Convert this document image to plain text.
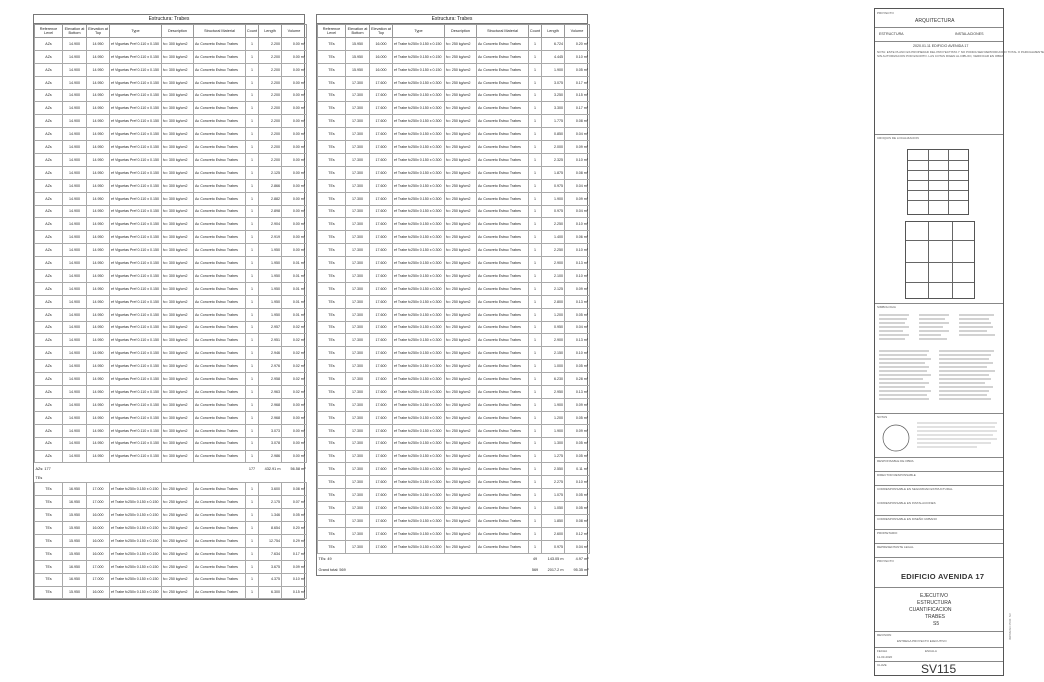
Estructura: Trabes
Reference Level	Elevation at Bottom	Elevation at Top	Type	Description	Structural Material	Count	Length	Volume
AZs	14.900	14.950	ef Viguetas Pref 0.110 x 0.150	fc= 300 kg/cm2	Ac Concreto Estruc Trabes	1	2.200	0.00 m³
AZs	14.900	14.950	ef Viguetas Pref 0.110 x 0.150	fc= 300 kg/cm2	Ac Concreto Estruc Trabes	1	2.200	0.00 m³
AZs	14.900	14.950	ef Viguetas Pref 0.110 x 0.150	fc= 300 kg/cm2	Ac Concreto Estruc Trabes	1	2.200	0.00 m³
AZs	14.900	14.950	ef Viguetas Pref 0.110 x 0.150	fc= 300 kg/cm2	Ac Concreto Estruc Trabes	1	2.200	0.00 m³
AZs	14.900	14.950	ef Viguetas Pref 0.110 x 0.150	fc= 300 kg/cm2	Ac Concreto Estruc Trabes	1	2.200	0.00 m³
AZs	14.900	14.950	ef Viguetas Pref 0.110 x 0.150	fc= 300 kg/cm2	Ac Concreto Estruc Trabes	1	2.200	0.00 m³
AZs	14.900	14.950	ef Viguetas Pref 0.110 x 0.150	fc= 300 kg/cm2	Ac Concreto Estruc Trabes	1	2.200	0.00 m³
AZs	14.900	14.950	ef Viguetas Pref 0.110 x 0.150	fc= 300 kg/cm2	Ac Concreto Estruc Trabes	1	2.200	0.00 m³
AZs	14.900	14.950	ef Viguetas Pref 0.110 x 0.150	fc= 300 kg/cm2	Ac Concreto Estruc Trabes	1	2.200	0.00 m³
AZs	14.900	14.950	ef Viguetas Pref 0.110 x 0.150	fc= 300 kg/cm2	Ac Concreto Estruc Trabes	1	2.200	0.00 m³
AZs	14.900	14.950	ef Viguetas Pref 0.110 x 0.150	fc= 300 kg/cm2	Ac Concreto Estruc Trabes	1	2.125	0.00 m³
AZs	14.900	14.950	ef Viguetas Pref 0.110 x 0.150	fc= 300 kg/cm2	Ac Concreto Estruc Trabes	1	2.866	0.00 m³
AZs	14.900	14.950	ef Viguetas Pref 0.110 x 0.150	fc= 300 kg/cm2	Ac Concreto Estruc Trabes	1	2.882	0.00 m³
AZs	14.900	14.950	ef Viguetas Pref 0.110 x 0.150	fc= 300 kg/cm2	Ac Concreto Estruc Trabes	1	2.898	0.00 m³
AZs	14.900	14.950	ef Viguetas Pref 0.110 x 0.150	fc= 300 kg/cm2	Ac Concreto Estruc Trabes	1	2.904	0.00 m³
AZs	14.900	14.950	ef Viguetas Pref 0.110 x 0.150	fc= 300 kg/cm2	Ac Concreto Estruc Trabes	1	2.919	0.00 m³
AZs	14.900	14.950	ef Viguetas Pref 0.110 x 0.150	fc= 300 kg/cm2	Ac Concreto Estruc Trabes	1	1.950	0.00 m³
AZs	14.900	14.950	ef Viguetas Pref 0.110 x 0.150	fc= 300 kg/cm2	Ac Concreto Estruc Trabes	1	1.950	0.01 m³
AZs	14.900	14.950	ef Viguetas Pref 0.110 x 0.150	fc= 300 kg/cm2	Ac Concreto Estruc Trabes	1	1.950	0.01 m³
AZs	14.900	14.950	ef Viguetas Pref 0.110 x 0.150	fc= 300 kg/cm2	Ac Concreto Estruc Trabes	1	1.950	0.01 m³
AZs	14.900	14.950	ef Viguetas Pref 0.110 x 0.150	fc= 300 kg/cm2	Ac Concreto Estruc Trabes	1	1.950	0.01 m³
AZs	14.900	14.950	ef Viguetas Pref 0.110 x 0.150	fc= 300 kg/cm2	Ac Concreto Estruc Trabes	1	1.950	0.01 m³
AZs	14.900	14.950	ef Viguetas Pref 0.110 x 0.150	fc= 300 kg/cm2	Ac Concreto Estruc Trabes	1	2.957	0.02 m³
AZs	14.900	14.950	ef Viguetas Pref 0.110 x 0.150	fc= 300 kg/cm2	Ac Concreto Estruc Trabes	1	2.951	0.02 m³
AZs	14.900	14.950	ef Viguetas Pref 0.110 x 0.150	fc= 300 kg/cm2	Ac Concreto Estruc Trabes	1	2.946	0.02 m³
AZs	14.900	14.950	ef Viguetas Pref 0.110 x 0.150	fc= 300 kg/cm2	Ac Concreto Estruc Trabes	1	2.976	0.02 m³
AZs	14.900	14.950	ef Viguetas Pref 0.110 x 0.150	fc= 300 kg/cm2	Ac Concreto Estruc Trabes	1	2.958	0.02 m³
AZs	14.900	14.950	ef Viguetas Pref 0.110 x 0.150	fc= 300 kg/cm2	Ac Concreto Estruc Trabes	1	2.963	0.02 m³
AZs	14.900	14.950	ef Viguetas Pref 0.110 x 0.150	fc= 300 kg/cm2	Ac Concreto Estruc Trabes	1	2.968	0.00 m³
AZs	14.900	14.950	ef Viguetas Pref 0.110 x 0.150	fc= 300 kg/cm2	Ac Concreto Estruc Trabes	1	2.968	0.00 m³
AZs	14.900	14.950	ef Viguetas Pref 0.110 x 0.150	fc= 300 kg/cm2	Ac Concreto Estruc Trabes	1	3.073	0.00 m³
AZs	14.900	14.950	ef Viguetas Pref 0.110 x 0.150	fc= 300 kg/cm2	Ac Concreto Estruc Trabes	1	3.078	0.00 m³
AZs	14.900	14.950	ef Viguetas Pref 0.110 x 0.150	fc= 300 kg/cm2	Ac Concreto Estruc Trabes	1	2.986	0.00 m³
AZs: 177						177	432.91 m	56.58 m³
TEs								
TEs	16.950	17.000	ef Trabe fc250x 0.150 x 0.150	fc= 250 kg/cm2	Ac Concreto Estruc Trabes	1	3.600	0.08 m³
TEs	16.950	17.000	ef Trabe fc250x 0.150 x 0.150	fc= 250 kg/cm2	Ac Concreto Estruc Trabes	1	2.175	0.07 m³
TEs	15.950	16.000	ef Trabe fc250x 0.150 x 0.150	fc= 250 kg/cm2	Ac Concreto Estruc Trabes	1	1.346	0.05 m³
TEs	15.950	16.000	ef Trabe fc250x 0.150 x 0.150	fc= 250 kg/cm2	Ac Concreto Estruc Trabes	1	8.654	0.20 m³
TEs	15.950	16.000	ef Trabe fc250x 0.150 x 0.150	fc= 250 kg/cm2	Ac Concreto Estruc Trabes	1	12.754	0.29 m³
TEs	15.950	16.000	ef Trabe fc250x 0.150 x 0.150	fc= 250 kg/cm2	Ac Concreto Estruc Trabes	1	7.634	0.17 m³
TEs	16.950	17.000	ef Trabe fc250x 0.150 x 0.150	fc= 250 kg/cm2	Ac Concreto Estruc Trabes	1	3.675	0.09 m³
TEs	16.950	17.000	ef Trabe fc250x 0.150 x 0.150	fc= 250 kg/cm2	Ac Concreto Estruc Trabes	1	4.375	0.10 m³
TEs	15.950	16.000	ef Trabe fc250x 0.150 x 0.150	fc= 250 kg/cm2	Ac Concreto Estruc Trabes	1	6.300	0.15 m³
Estructura: Trabes
Reference Level	Elevation at Bottom	Elevation at Top	Type	Description	Structural Material	Count	Length	Volume
TEs	15.950	16.000	ef Trabe fc250x 0.150 x 0.150	fc= 250 kg/cm2	Ac Concreto Estruc Trabes	1	6.724	0.20 m³
TEs	15.950	16.000	ef Trabe fc250x 0.150 x 0.150	fc= 250 kg/cm2	Ac Concreto Estruc Trabes	1	4.445	0.10 m³
TEs	15.950	16.000	ef Trabe fc250x 0.150 x 0.150	fc= 250 kg/cm2	Ac Concreto Estruc Trabes	1	1.900	0.05 m³
TEs	17.300	17.600	ef Trabe fc250x 0.150 x 0.300	fc= 250 kg/cm2	Ac Concreto Estruc Trabes	1	3.075	0.17 m³
TEs	17.300	17.600	ef Trabe fc250x 0.150 x 0.300	fc= 250 kg/cm2	Ac Concreto Estruc Trabes	1	3.250	0.15 m³
TEs	17.300	17.600	ef Trabe fc250x 0.150 x 0.300	fc= 250 kg/cm2	Ac Concreto Estruc Trabes	1	3.300	0.17 m³
TEs	17.300	17.600	ef Trabe fc250x 0.150 x 0.300	fc= 250 kg/cm2	Ac Concreto Estruc Trabes	1	1.775	0.08 m³
TEs	17.300	17.600	ef Trabe fc250x 0.150 x 0.300	fc= 250 kg/cm2	Ac Concreto Estruc Trabes	1	0.850	0.04 m³
TEs	17.300	17.600	ef Trabe fc250x 0.150 x 0.300	fc= 250 kg/cm2	Ac Concreto Estruc Trabes	1	2.000	0.09 m³
TEs	17.300	17.600	ef Trabe fc250x 0.150 x 0.300	fc= 250 kg/cm2	Ac Concreto Estruc Trabes	1	2.325	0.10 m³
TEs	17.300	17.600	ef Trabe fc250x 0.150 x 0.300	fc= 250 kg/cm2	Ac Concreto Estruc Trabes	1	1.875	0.08 m³
TEs	17.300	17.600	ef Trabe fc250x 0.150 x 0.300	fc= 250 kg/cm2	Ac Concreto Estruc Trabes	1	0.975	0.04 m³
TEs	17.300	17.600	ef Trabe fc250x 0.150 x 0.300	fc= 250 kg/cm2	Ac Concreto Estruc Trabes	1	1.900	0.09 m³
TEs	17.300	17.600	ef Trabe fc250x 0.150 x 0.300	fc= 250 kg/cm2	Ac Concreto Estruc Trabes	1	0.975	0.04 m³
TEs	17.300	17.600	ef Trabe fc250x 0.150 x 0.300	fc= 250 kg/cm2	Ac Concreto Estruc Trabes	1	2.250	0.10 m³
TEs	17.300	17.600	ef Trabe fc250x 0.150 x 0.300	fc= 250 kg/cm2	Ac Concreto Estruc Trabes	1	1.400	0.06 m³
TEs	17.300	17.600	ef Trabe fc250x 0.150 x 0.300	fc= 250 kg/cm2	Ac Concreto Estruc Trabes	1	2.250	0.10 m³
TEs	17.300	17.600	ef Trabe fc250x 0.150 x 0.300	fc= 250 kg/cm2	Ac Concreto Estruc Trabes	1	2.900	0.13 m³
TEs	17.300	17.600	ef Trabe fc250x 0.150 x 0.300	fc= 250 kg/cm2	Ac Concreto Estruc Trabes	1	2.100	0.10 m³
TEs	17.300	17.600	ef Trabe fc250x 0.150 x 0.300	fc= 250 kg/cm2	Ac Concreto Estruc Trabes	1	2.125	0.09 m³
TEs	17.300	17.600	ef Trabe fc250x 0.150 x 0.300	fc= 250 kg/cm2	Ac Concreto Estruc Trabes	1	2.800	0.13 m³
TEs	17.300	17.600	ef Trabe fc250x 0.150 x 0.300	fc= 250 kg/cm2	Ac Concreto Estruc Trabes	1	1.200	0.05 m³
TEs	17.300	17.600	ef Trabe fc250x 0.150 x 0.300	fc= 250 kg/cm2	Ac Concreto Estruc Trabes	1	0.950	0.04 m³
TEs	17.300	17.600	ef Trabe fc250x 0.150 x 0.300	fc= 250 kg/cm2	Ac Concreto Estruc Trabes	1	2.900	0.13 m³
TEs	17.300	17.600	ef Trabe fc250x 0.150 x 0.300	fc= 250 kg/cm2	Ac Concreto Estruc Trabes	1	2.150	0.10 m³
TEs	17.300	17.600	ef Trabe fc250x 0.150 x 0.300	fc= 250 kg/cm2	Ac Concreto Estruc Trabes	1	1.000	0.05 m³
TEs	17.300	17.600	ef Trabe fc250x 0.150 x 0.300	fc= 250 kg/cm2	Ac Concreto Estruc Trabes	1	6.230	0.28 m³
TEs	17.300	17.600	ef Trabe fc250x 0.150 x 0.300	fc= 250 kg/cm2	Ac Concreto Estruc Trabes	1	2.950	0.13 m³
TEs	17.300	17.600	ef Trabe fc250x 0.150 x 0.300	fc= 250 kg/cm2	Ac Concreto Estruc Trabes	1	1.900	0.09 m³
TEs	17.300	17.600	ef Trabe fc250x 0.150 x 0.300	fc= 250 kg/cm2	Ac Concreto Estruc Trabes	1	1.200	0.05 m³
TEs	17.300	17.600	ef Trabe fc250x 0.150 x 0.300	fc= 250 kg/cm2	Ac Concreto Estruc Trabes	1	1.900	0.09 m³
TEs	17.300	17.600	ef Trabe fc250x 0.150 x 0.300	fc= 250 kg/cm2	Ac Concreto Estruc Trabes	1	1.300	0.05 m³
TEs	17.300	17.600	ef Trabe fc250x 0.150 x 0.300	fc= 250 kg/cm2	Ac Concreto Estruc Trabes	1	1.275	0.05 m³
TEs	17.300	17.600	ef Trabe fc250x 0.150 x 0.300	fc= 250 kg/cm2	Ac Concreto Estruc Trabes	1	2.550	0.11 m³
TEs	17.300	17.600	ef Trabe fc250x 0.150 x 0.300	fc= 250 kg/cm2	Ac Concreto Estruc Trabes	1	2.275	0.10 m³
TEs	17.300	17.600	ef Trabe fc250x 0.150 x 0.300	fc= 250 kg/cm2	Ac Concreto Estruc Trabes	1	1.075	0.05 m³
TEs	17.300	17.600	ef Trabe fc250x 0.150 x 0.300	fc= 250 kg/cm2	Ac Concreto Estruc Trabes	1	1.050	0.05 m³
TEs	17.300	17.600	ef Trabe fc250x 0.150 x 0.300	fc= 250 kg/cm2	Ac Concreto Estruc Trabes	1	1.850	0.08 m³
TEs	17.300	17.600	ef Trabe fc250x 0.150 x 0.300	fc= 250 kg/cm2	Ac Concreto Estruc Trabes	1	2.600	0.12 m³
TEs	17.300	17.600	ef Trabe fc250x 0.150 x 0.300	fc= 250 kg/cm2	Ac Concreto Estruc Trabes	1	0.975	0.04 m³
TEs: 49						49	143.05 m	4.97 m³
Grand total: 569						569	2017.2 m	95.35 m³
PROYECTO
ARQUITECTURA
ESTRUCTURA	INSTALACIONES
2020.01.11 EDIFICIO AVENIDA 17
NOTA: ESTE PLANO ES PROPIEDAD DEL PROYECTISTA Y NO PODRA SER REPRODUCIDO TOTAL O PARCIALMENTE
SIN AUTORIZACION POR ESCRITO. LAS COTAS RIGEN AL DIBUJO, VERIFICAR EN OBRA.
CROQUIS DE LOCALIZACION
SIMBOLOGIA
NOTAS
RESPONSABLE DE OBRA
DIRECTOR RESPONSABLE
CORRESPONSABLE EN SEGURIDAD ESTRUCTURAL
CORRESPONSABLE EN INSTALACIONES
CORRESPONSABLE EN DISEÑO URBANO
PROPIETARIO
REPRESENTANTE LEGAL
PROYECTO
EDIFICIO AVENIDA 17
EJECUTIVO
ESTRUCTURA
CUANTIFICACION
TRABES
S5
REVISION
ENTREGA PROYECTO EJECUTIVO
FECHA
11-03-2020
ESCALA
CLAVE	SV115
IMPRESO POR: SV
